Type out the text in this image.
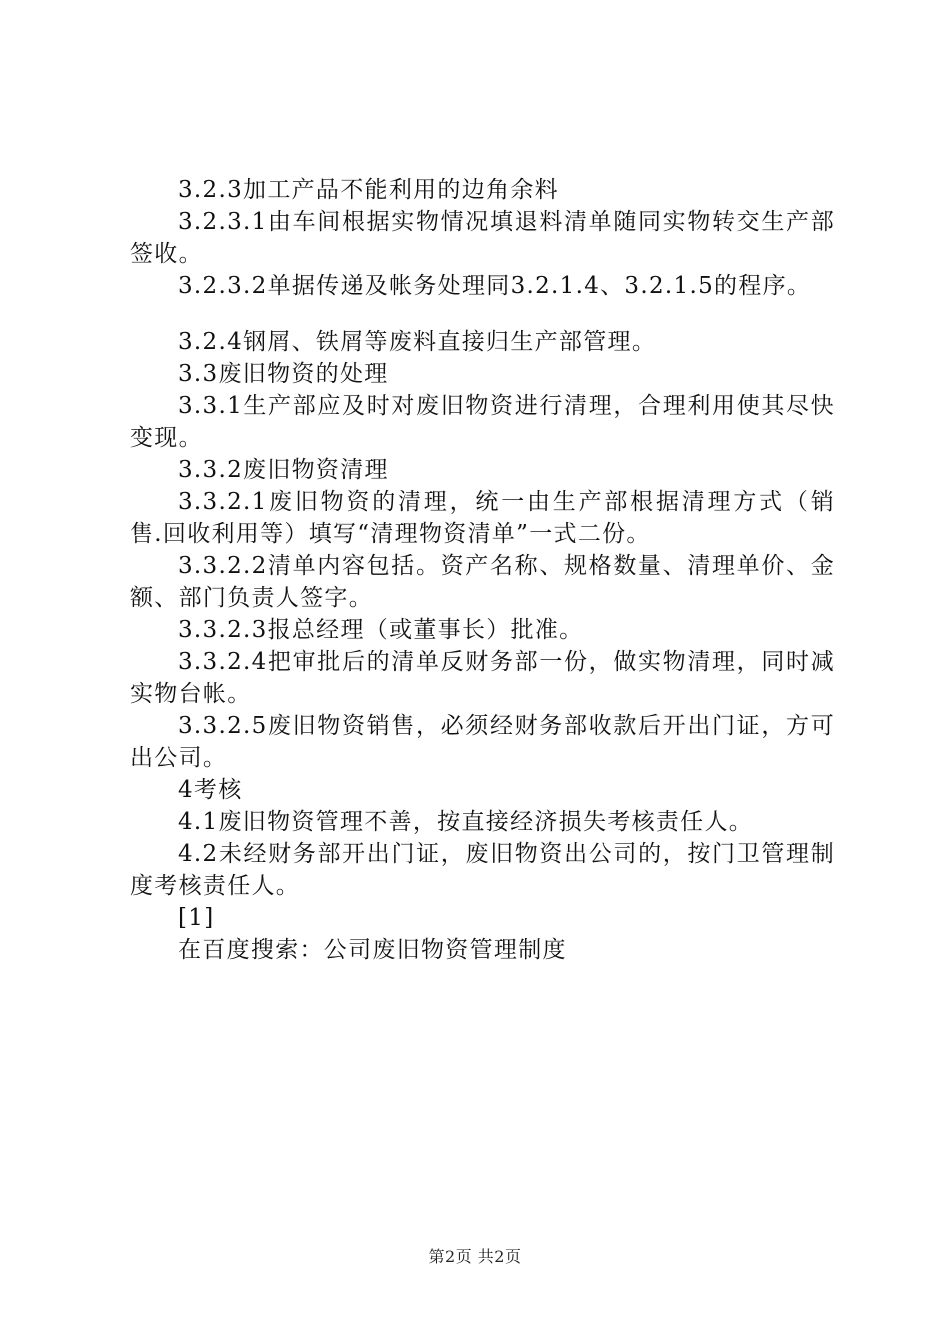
3.2.3加工产品不能利用的边角余料

3.2.3.1由车间根据实物情况填退料清单随同实物转交生产部签收。

3.2.3.2单据传递及帐务处理同3.2.1.4、3.2.1.5的程序。

3.2.4钢屑、铁屑等废料直接归生产部管理。

3.3废旧物资的处理

3.3.1生产部应及时对废旧物资进行清理，合理利用使其尽快变现。

3.3.2废旧物资清理

3.3.2.1废旧物资的清理，统一由生产部根据清理方式（销售.回收利用等）填写“清理物资清单”一式二份。

3.3.2.2清单内容包括。资产名称、规格数量、清理单价、金额、部门负责人签字。

3.3.2.3报总经理（或董事长）批准。

3.3.2.4把审批后的清单反财务部一份，做实物清理，同时减实物台帐。

3.3.2.5废旧物资销售，必须经财务部收款后开出门证，方可出公司。

4考核

4.1废旧物资管理不善，按直接经济损失考核责任人。

4.2未经财务部开出门证，废旧物资出公司的，按门卫管理制度考核责任人。

[1]

在百度搜索：公司废旧物资管理制度

第2页 共2页
